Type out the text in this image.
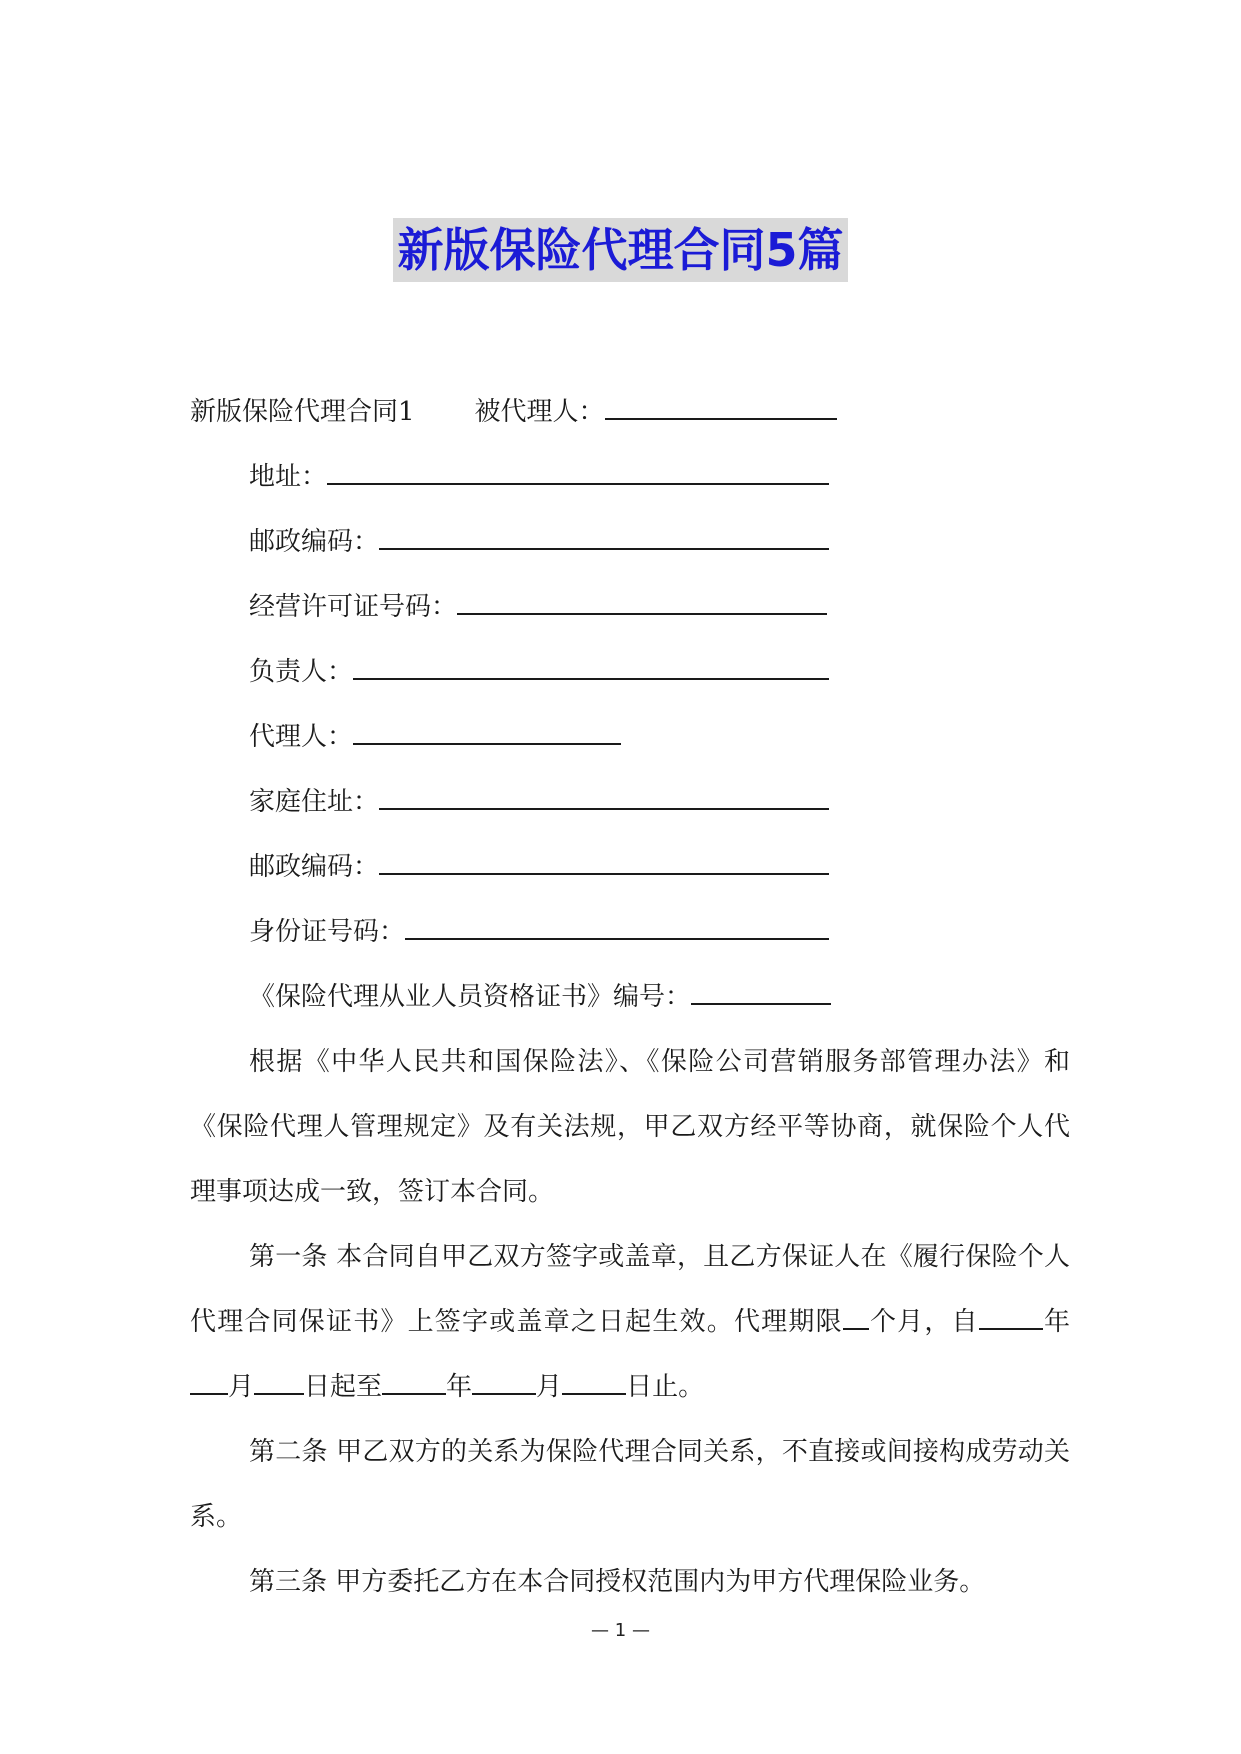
新版保险代理合同5篇
新版保险代理合同1 被代理人：
地址：
邮政编码：
经营许可证号码：
负责人：
代理人：
家庭住址：
邮政编码：
身份证号码：
《保险代理从业人员资格证书》编号：

根据《中华人民共和国保险法》、《保险公司营销服务部管理办法》和《保险代理人管理规定》及有关法规，甲乙双方经平等协商，就保险个人代理事项达成一致，签订本合同。

第一条 本合同自甲乙双方签字或盖章，且乙方保证人在《履行保险个人代理合同保证书》上签字或盖章之日起生效。代理期限 个月，自 年月 日起至 年 月 日止。

第二条 甲乙双方的关系为保险代理合同关系，不直接或间接构成劳动关系。

第三条 甲方委托乙方在本合同授权范围内为甲方代理保险业务。

— 1 —
